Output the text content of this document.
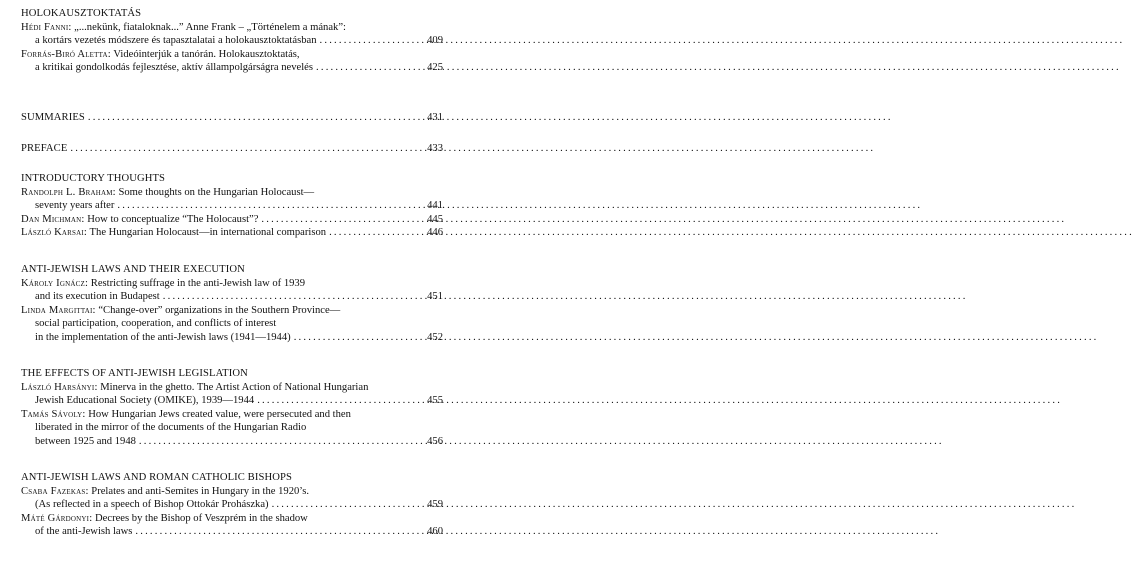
HOLOKAUSZTOKTATÁS
Hédi Fanni: „...nekünk, fiataloknak...” Anne Frank – „Történelem a mának”:
a kortárs vezetés módszere és tapasztalatai a holokausztoktatásban .....	409
Forrás-Biró Aletta: Videóinterjúk a tanórán. Holokausztoktatás,
a kritikai gondolkodás fejlesztése, aktív állampolgárságra nevelés .....	425
SUMMARIES .....	431
PREFACE .....	433
INTRODUCTORY THOUGHTS
Randolph L. Braham: Some thoughts on the Hungarian Holocaust—
seventy years after .....	441
Dan Michman: How to conceptualize “The Holocaust”? .....	445
László Karsai: The Hungarian Holocaust—in international comparison .....	446
ANTI-JEWISH LAWS AND THEIR EXECUTION
Károly Ignácz: Restricting suffrage in the anti-Jewish law of 1939
and its execution in Budapest .....	451
Linda Margittai: “Change-over” organizations in the Southern Province—
social participation, cooperation, and conflicts of interest
in the implementation of the anti-Jewish laws (1941—1944) .....	452
THE EFFECTS OF ANTI-JEWISH LEGISLATION
László Harsányi: Minerva in the ghetto. The Artist Action of National Hungarian
Jewish Educational Society (OMIKE), 1939—1944 .....	455
Tamás Sávoly: How Hungarian Jews created value, were persecuted and then
liberated in the mirror of the documents of the Hungarian Radio
between 1925 and 1948 .....	456
ANTI-JEWISH LAWS AND ROMAN CATHOLIC BISHOPS
Csaba Fazekas: Prelates and anti-Semites in Hungary in the 1920’s.
(As reflected in a speech of Bishop Ottokár Prohászka) .....	459
Máté Gárdonyi: Decrees by the Bishop of Veszprém in the shadow
of the anti-Jewish laws .....	460
